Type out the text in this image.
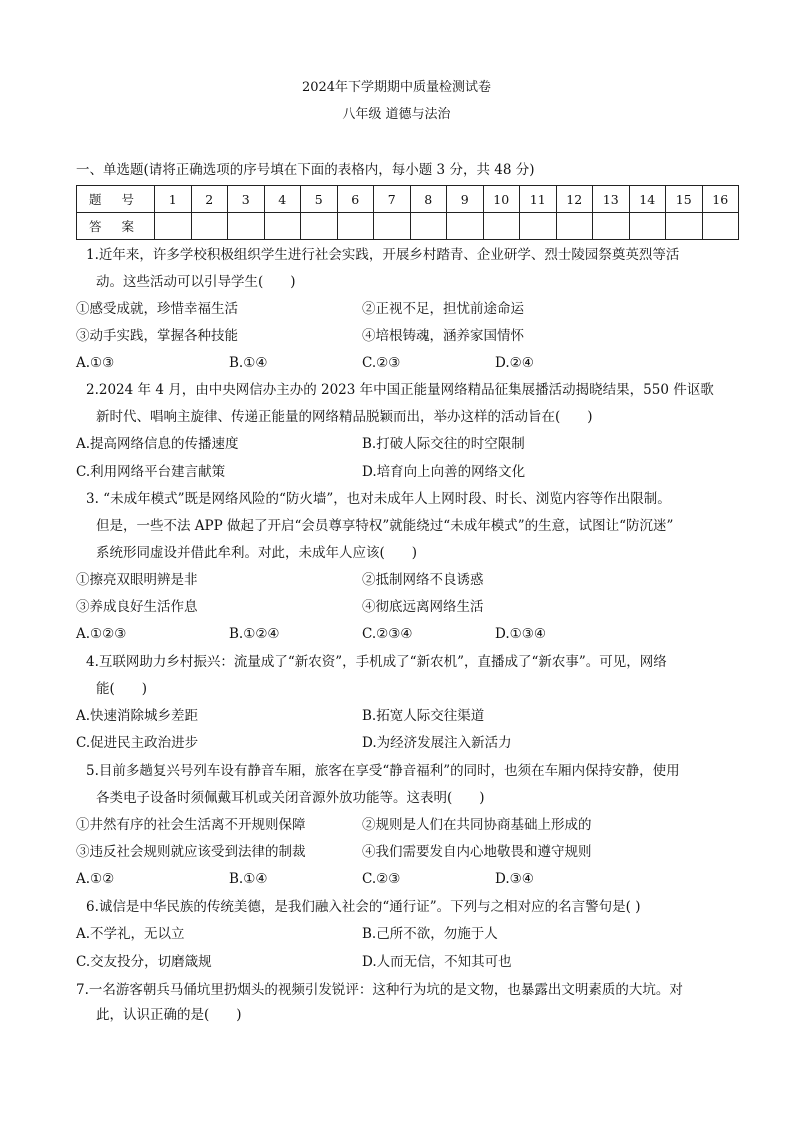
2024年下学期期中质量检测试卷
八年级 道德与法治
一、单选题(请将正确选项的序号填在下面的表格内，每小题 3 分，共 48 分)
题 号	1	2	3	4	5	6	7	8	9	10	11	12	13	14	15	16
答 案																
1.近年来，许多学校积极组织学生进行社会实践，开展乡村踏青、企业研学、烈士陵园祭奠英烈等活
动。这些活动可以引导学生(　　)
①感受成就，珍惜幸福生活	②正视不足，担忧前途命运
③动手实践，掌握各种技能	④培根铸魂，涵养家国情怀
A.①③	B.①④	C.②③	D.②④
2.2024 年 4 月，由中央网信办主办的 2023 年中国正能量网络精品征集展播活动揭晓结果，550 件讴歌
新时代、唱响主旋律、传递正能量的网络精品脱颖而出，举办这样的活动旨在(　　)
A.提高网络信息的传播速度	B.打破人际交往的时空限制
C.利用网络平台建言献策	D.培育向上向善的网络文化
3. “未成年模式”既是网络风险的“防火墙”，也对未成年人上网时段、时长、浏览内容等作出限制。
但是，一些不法 APP 做起了开启“会员尊享特权”就能绕过“未成年模式”的生意，试图让“防沉迷”
系统形同虚设并借此牟利。对此，未成年人应该(　　)
①擦亮双眼明辨是非	②抵制网络不良诱惑
③养成良好生活作息	④彻底远离网络生活
A.①②③	B.①②④	C.②③④	D.①③④
4.互联网助力乡村振兴：流量成了“新农资”，手机成了“新农机”，直播成了“新农事”。可见，网络
能(　　)
A.快速消除城乡差距	B.拓宽人际交往渠道
C.促进民主政治进步	D.为经济发展注入新活力
5.目前多趟复兴号列车设有静音车厢，旅客在享受“静音福利”的同时，也须在车厢内保持安静，使用
各类电子设备时须佩戴耳机或关闭音源外放功能等。这表明(　　)
①井然有序的社会生活离不开规则保障	②规则是人们在共同协商基础上形成的
③违反社会规则就应该受到法律的制裁	④我们需要发自内心地敬畏和遵守规则
A.①②	B.①④	C.②③	D.③④
6.诚信是中华民族的传统美德，是我们融入社会的“通行证”。下列与之相对应的名言警句是( )
A.不学礼，无以立	B.己所不欲，勿施于人
C.交友投分，切磨箴规	D.人而无信，不知其可也
7.一名游客朝兵马俑坑里扔烟头的视频引发锐评：这种行为坑的是文物，也暴露出文明素质的大坑。对
此，认识正确的是(　　)
